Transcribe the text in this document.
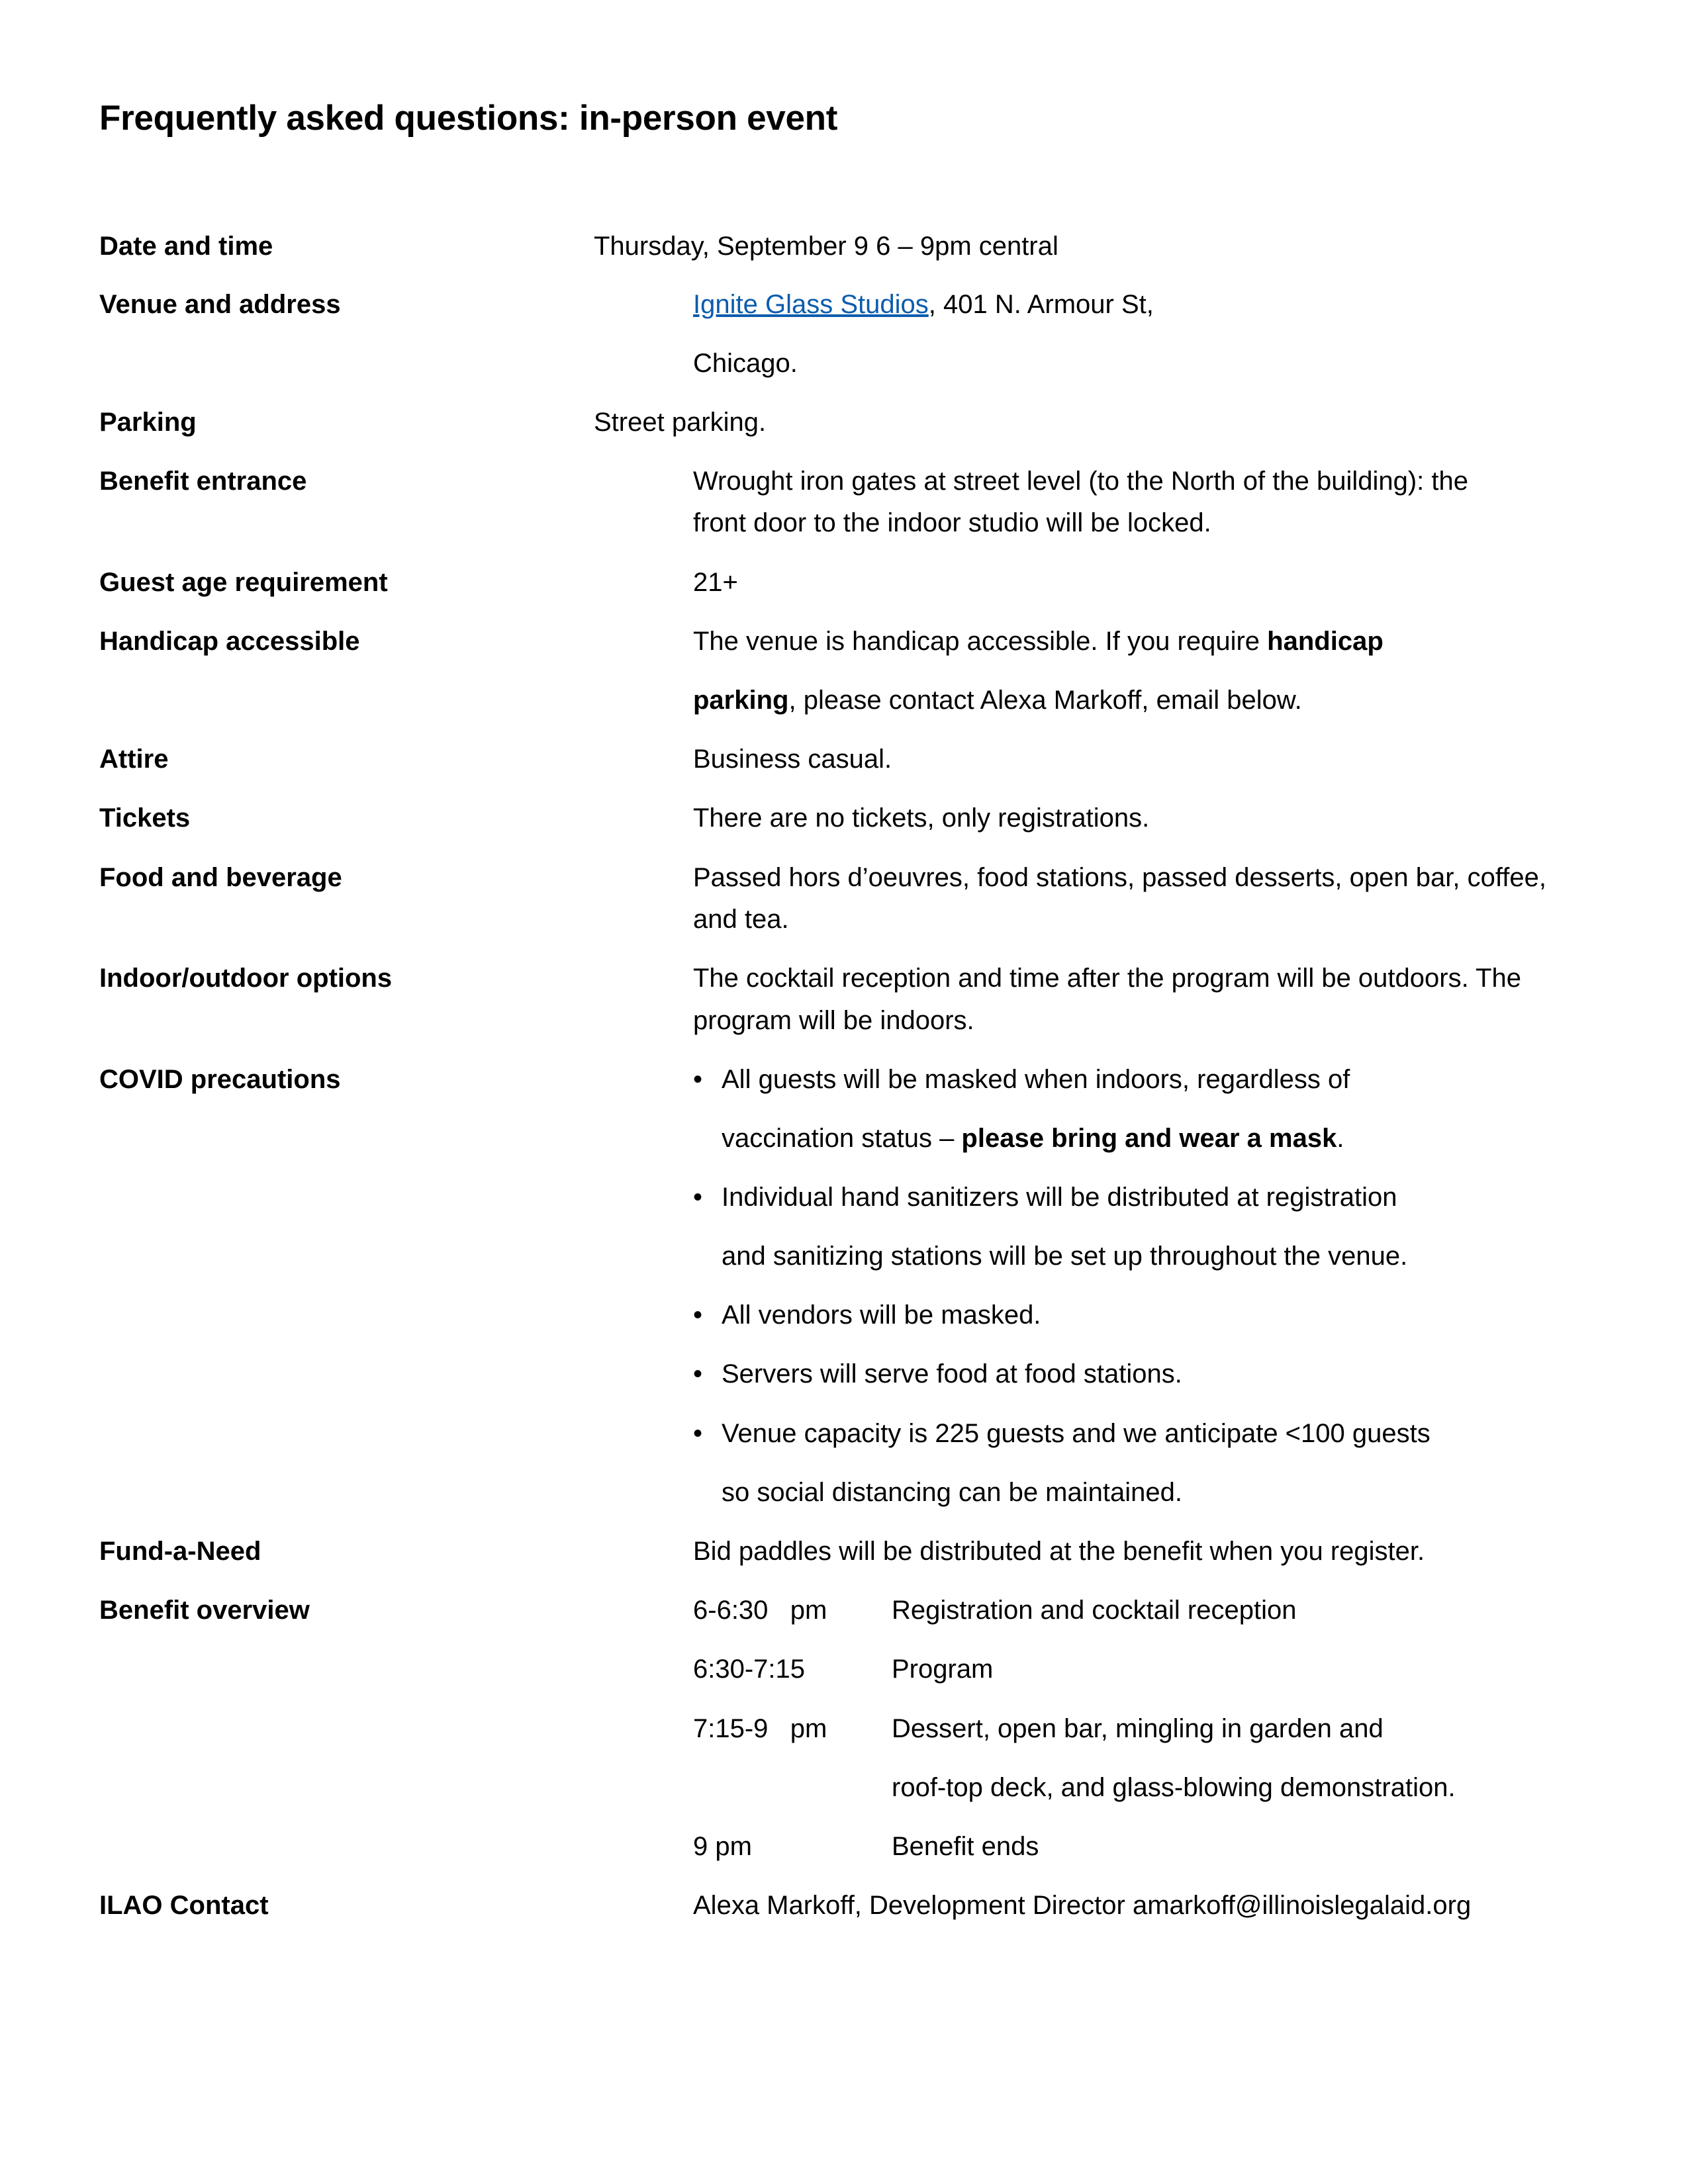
Frequently asked questions: in-person event
Date and time	Thursday, September 9 6 – 9pm central
Venue and address	Ignite Glass Studios, 401 N. Armour St,
Chicago.
Parking	Street parking.
Benefit entrance	Wrought iron gates at street level (to the North of the building): the
front door to the indoor studio will be locked.
Guest age requirement	21+
Handicap accessible	The venue is handicap accessible. If you require handicap
parking, please contact Alexa Markoff, email below.
Attire	Business casual.
Tickets	There are no tickets, only registrations.
Food and beverage	Passed hors d’oeuvres, food stations, passed desserts, open bar, coffee,
and tea.
Indoor/outdoor options	The cocktail reception and time after the program will be outdoors. The
program will be indoors.
COVID precautions	• All guests will be masked when indoors, regardless of
vaccination status – please bring and wear a mask.
• Individual hand sanitizers will be distributed at registration
and sanitizing stations will be set up throughout the venue.
• All vendors will be masked.
• Servers will serve food at food stations.
• Venue capacity is 225 guests and we anticipate <100 guests
so social distancing can be maintained.
Fund-a-Need	Bid paddles will be distributed at the benefit when you register.
Benefit overview	6-6:30   pm Registration and cocktail reception
6:30-7:15	Program
7:15-9   pm Dessert, open bar, mingling in garden and
roof-top deck, and glass-blowing demonstration.
9 pm	Benefit ends
ILAO Contact	Alexa Markoff, Development Director amarkoff@illinoislegalaid.org
